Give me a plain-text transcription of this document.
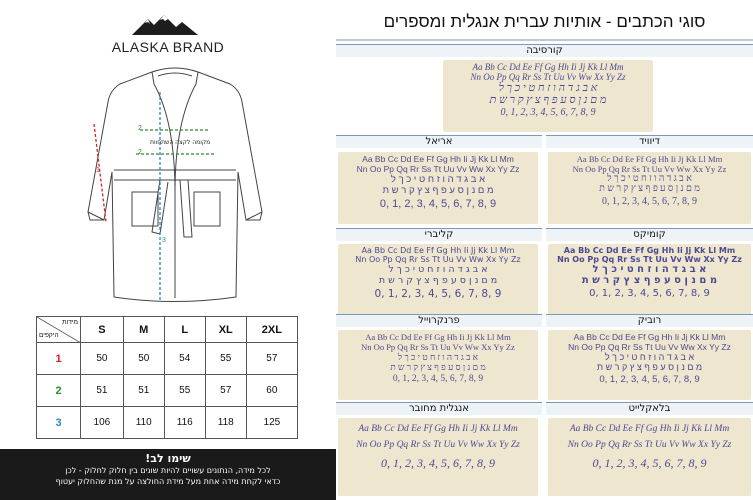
ALASKA BRAND
2
2
3
1
מקומה לקצה השתחוות
מידות
היקפים	S	M	L	XL	2XL
1	50	50	54	55	57
2	51	51	55	57	60
3	106	110	116	118	125
שימו לב!
לכל מידה, הנתונים עשויים להיות שונים בין חלוק לחלוק - לכן
כדאי לקחת מידה אחת מעל מידת החולצה על מנת שהחלוק יעטוף
סוגי הכתבים - אותיות עברית אנגלית ומספרים
קורסיבה
Aa Bb Cc Dd Ee Ff Gg Hh Ii Jj Kk Ll Mm
Nn Oo Pp Qq Rr Ss Tt Uu Vv Ww Xx Yy Zz
א ב ג ד ה ו ז ח ט י כ ך ל
מ ם נ ן ס ע פ ף צ ץ ק ר ש ת
0, 1, 2, 3, 4, 5, 6, 7, 8, 9
אריאל	דיוויד
Aa Bb Cc Dd Ee Ff Gg Hh Ii Jj Kk Ll Mm
Nn Oo Pp Qq Rr Ss Tt Uu Vv Ww Xx Yy Zz
א ב ג ד ה ו ז ח ט י כ ך ל
מ ם נ ן ס ע פ ף צ ץ ק ר ש ת
0, 1, 2, 3, 4, 5, 6, 7, 8, 9
Aa Bb Cc Dd Ee Ff Gg Hh Ii Jj Kk Ll Mm
Nn Oo Pp Qq Rr Ss Tt Uu Vv Ww Xx Yy Zz
א ב ג ד ה ו ז ח ט י כ ך ל
מ ם נ ן ס ע פ ף צ ץ ק ר ש ת
0, 1, 2, 3, 4, 5, 6, 7, 8, 9
קליברי	קומיקס
Aa Bb Cc Dd Ee Ff Gg Hh Ii Jj Kk Ll Mm
Nn Oo Pp Qq Rr Ss Tt Uu Vv Ww Xx Yy Zz
א ב ג ד ה ו ז ח ט י כ ך ל
מ ם נ ן ס ע פ ף צ ץ ק ר ש ת
0, 1, 2, 3, 4, 5, 6, 7, 8, 9
Aa Bb Cc Dd Ee Ff Gg Hh Ii Jj Kk Ll Mm
Nn Oo Pp Qq Rr Ss Tt Uu Vv Ww Xx Yy Zz
א ב ג ד ה ו ז ח ט י כ ך ל
מ ם נ ן ס ע פ ף צ ץ ק ר ש ת
0, 1, 2, 3, 4, 5, 6, 7, 8, 9
פרנקרוייל	רוביק
Aa Bb Cc Dd Ee Ff Gg Hh Ii Jj Kk Ll Mm
Nn Oo Pp Qq Rr Ss Tt Uu Vv Ww Xx Yy Zz
א ב ג ד ה ו ז ח ט י כ ך ל
מ ם נ ן ס ע פ ף צ ץ ק ר ש ת
0, 1, 2, 3, 4, 5, 6, 7, 8, 9
Aa Bb Cc Dd Ee Ff Gg Hh Ii Jj Kk Ll Mm
Nn Oo Pp Qq Rr Ss Tt Uu Vv Ww Xx Yy Zz
א ב ג ד ה ו ז ח ט י כ ך ל
מ ם נ ן ס ע פ ף צ ץ ק ר ש ת
0, 1, 2, 3, 4, 5, 6, 7, 8, 9
אנגלית מחובר	בלאקלייט
Aa Bb Cc Dd Ee Ff Gg Hh Ii Jj Kk Ll Mm
Nn Oo Pp Qq Rr Ss Tt Uu Vv Ww Xx Yy Zz
0, 1, 2, 3, 4, 5, 6, 7, 8, 9
Aa Bb Cc Dd Ee Ff Gg Hh Ii Jj Kk Ll Mm
Nn Oo Pp Qq Rr Ss Tt Uu Vv Ww Xx Yy Zz
0, 1, 2, 3, 4, 5, 6, 7, 8, 9
